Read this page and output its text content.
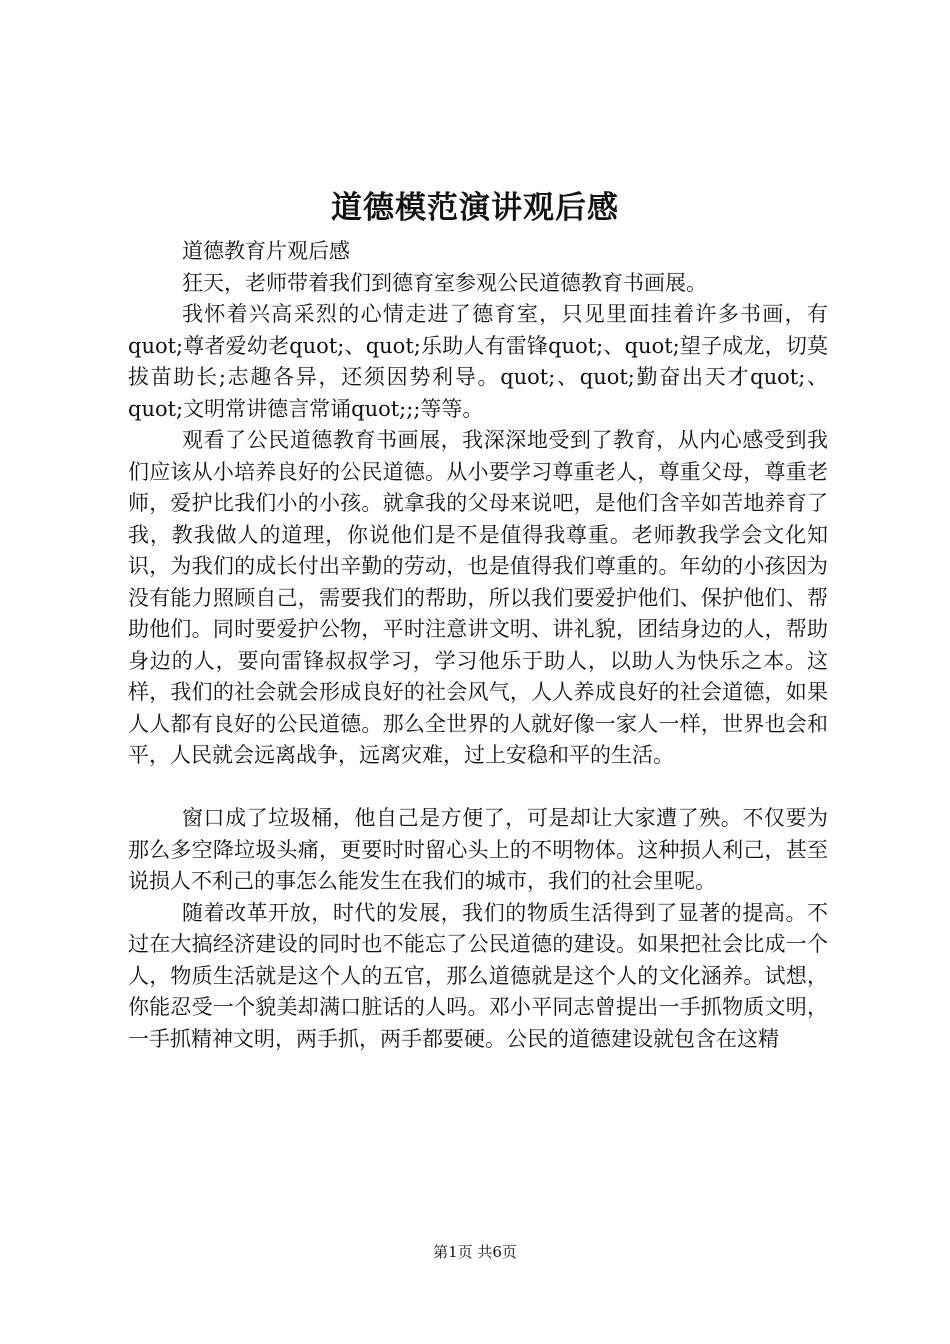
道德模范演讲观后感

道德教育片观后感

狂天，老师带着我们到德育室参观公民道德教育书画展。

我怀着兴高采烈的心情走进了德育室，只见里面挂着许多书画，有quot;尊者爱幼老quot;、quot;乐助人有雷锋quot;、quot;望子成龙，切莫拔苗助长;志趣各异，还须因势利导。quot;、quot;勤奋出天才quot;、quot;文明常讲德言常诵quot;;;等等。

观看了公民道德教育书画展，我深深地受到了教育，从内心感受到我们应该从小培养良好的公民道德。从小要学习尊重老人，尊重父母，尊重老师，爱护比我们小的小孩。就拿我的父母来说吧，是他们含辛如苦地养育了我，教我做人的道理，你说他们是不是值得我尊重。老师教我学会文化知识，为我们的成长付出辛勤的劳动，也是值得我们尊重的。年幼的小孩因为没有能力照顾自己，需要我们的帮助，所以我们要爱护他们、保护他们、帮助他们。同时要爱护公物，平时注意讲文明、讲礼貌，团结身边的人，帮助身边的人，要向雷锋叔叔学习，学习他乐于助人，以助人为快乐之本。这样，我们的社会就会形成良好的社会风气，人人养成良好的社会道德，如果人人都有良好的公民道德。那么全世界的人就好像一家人一样，世界也会和平，人民就会远离战争，远离灾难，过上安稳和平的生活。

窗口成了垃圾桶，他自己是方便了，可是却让大家遭了殃。不仅要为那么多空降垃圾头痛，更要时时留心头上的不明物体。这种损人利己，甚至说损人不利己的事怎么能发生在我们的城市，我们的社会里呢。

随着改革开放，时代的发展，我们的物质生活得到了显著的提高。不过在大搞经济建设的同时也不能忘了公民道德的建设。如果把社会比成一个人，物质生活就是这个人的五官，那么道德就是这个人的文化涵养。试想，你能忍受一个貌美却满口脏话的人吗。邓小平同志曾提出一手抓物质文明，一手抓精神文明，两手抓，两手都要硬。公民的道德建设就包含在这精

第1页 共6页
